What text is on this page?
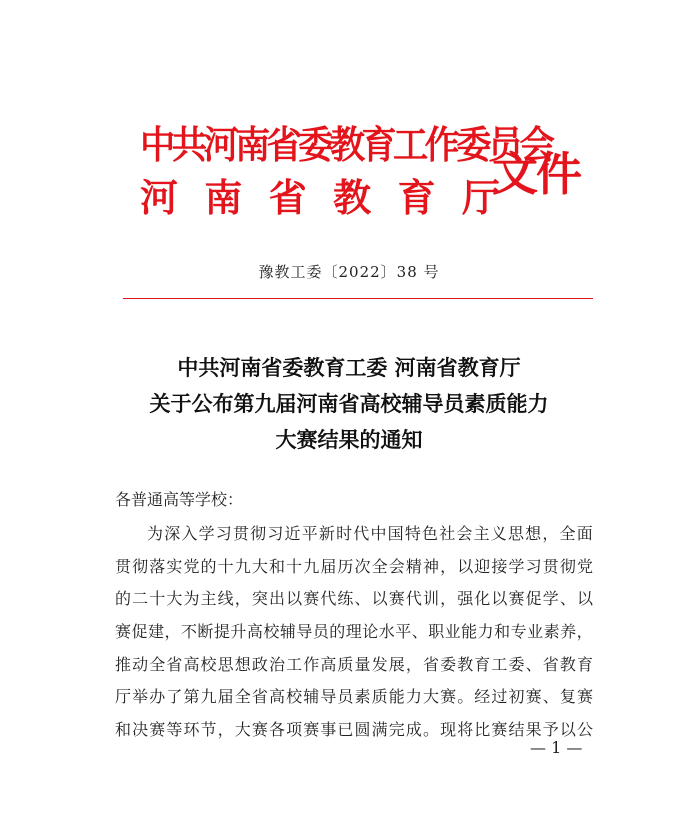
中共河南省委教育工作委员会
河 南 省 教 育 厅
文件
豫教工委〔2022〕38 号
中共河南省委教育工委 河南省教育厅
关于公布第九届河南省高校辅导员素质能力
大赛结果的通知
各普通高等学校：
为 深 入 学 习 贯 彻 习 近 平 新 时 代 中 国 特 色 社 会 主 义 思 想 ， 全 面
贯 彻 落 实 党 的 十 九 大 和 十 九 届 历 次 全 会 精 神 ， 以 迎 接 学 习 贯 彻 党
的 二 十 大 为 主 线 ， 突 出 以 赛 代 练 、 以 赛 代 训 ， 强 化 以 赛 促 学 、 以
赛 促 建 ， 不 断 提 升 高 校 辅 导 员 的 理 论 水 平 、 职 业 能 力 和 专 业 素 养 ，
推 动 全 省 高 校 思 想 政 治 工 作 高 质 量 发 展 ， 省 委 教 育 工 委 、 省 教 育
厅 举 办 了 第 九 届 全 省 高 校 辅 导 员 素 质 能 力 大 赛 。 经 过 初 赛 、 复 赛
和 决 赛 等 环 节 ， 大 赛 各 项 赛 事 已 圆 满 完 成 。 现 将 比 赛 结 果 予 以 公
— 1 —
